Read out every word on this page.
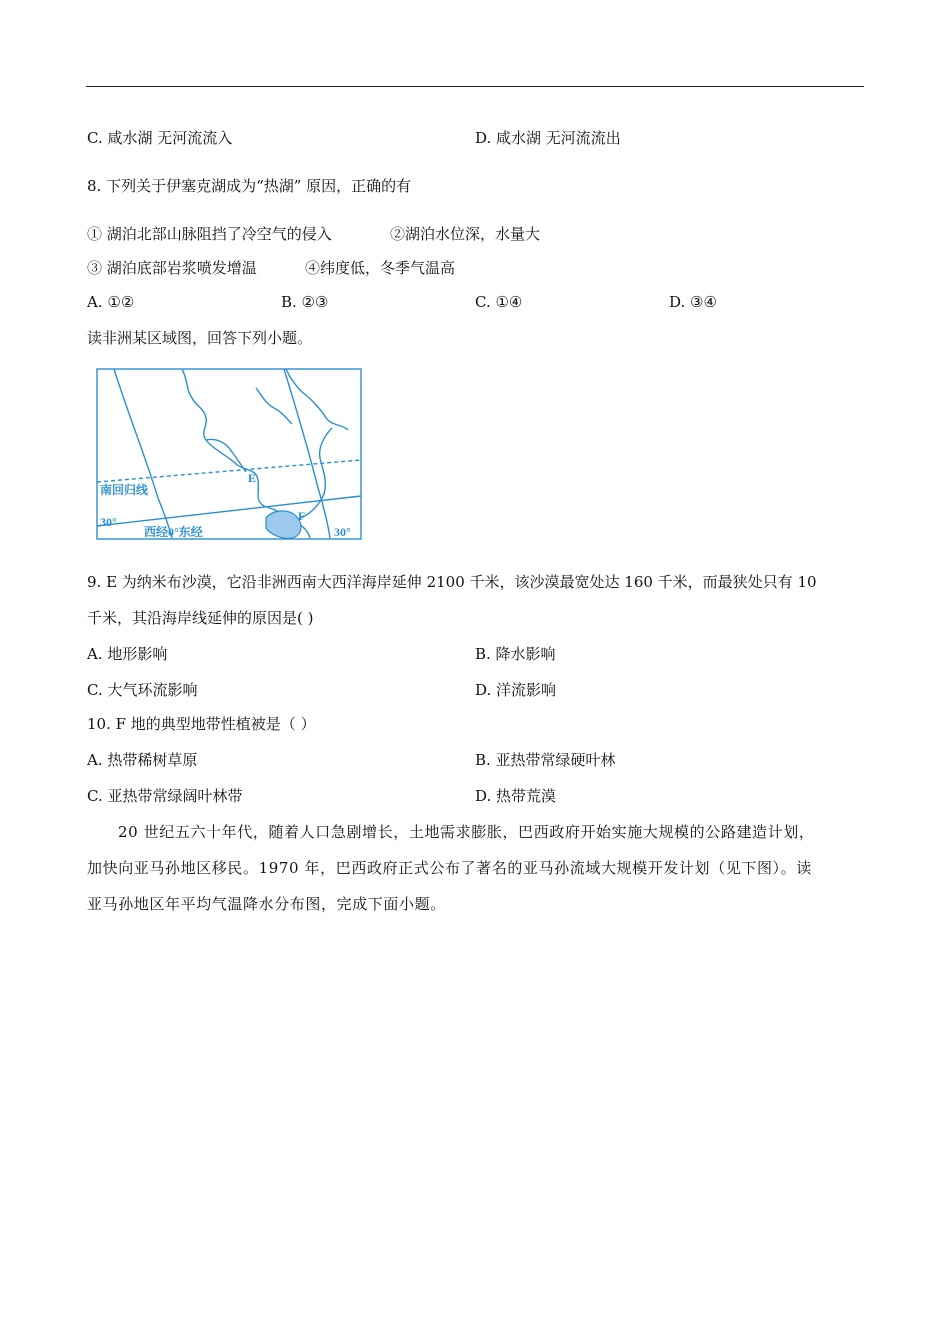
C. 咸水湖 无河流流入	D. 咸水湖 无河流流出
8. 下列关于伊塞克湖成为“热湖” 原因，正确的有
① 湖泊北部山脉阻挡了冷空气的侵入	②湖泊水位深，水量大
③ 湖泊底部岩浆喷发增温	④纬度低，冬季气温高
A. ①②	B. ②③	C. ①④	D. ③④
读非洲某区域图，回答下列小题。
南回归线
E
F
30°
30°
西经0°东经
9. E 为纳米布沙漠，它沿非洲西南大西洋海岸延伸 2100 千米，该沙漠最宽处达 160 千米，而最狭处只有 10
千米，其沿海岸线延伸的原因是( )
A. 地形影响	B. 降水影响
C. 大气环流影响	D. 洋流影响
10. F 地的典型地带性植被是（ ）
A. 热带稀树草原	B. 亚热带常绿硬叶林
C. 亚热带常绿阔叶林带	D. 热带荒漠
20 世纪五六十年代，随着人口急剧增长，土地需求膨胀，巴西政府开始实施大规模的公路建造计划，
加快向亚马孙地区移民。1970 年，巴西政府正式公布了著名的亚马孙流域大规模开发计划（见下图）。读
亚马孙地区年平均气温降水分布图，完成下面小题。
